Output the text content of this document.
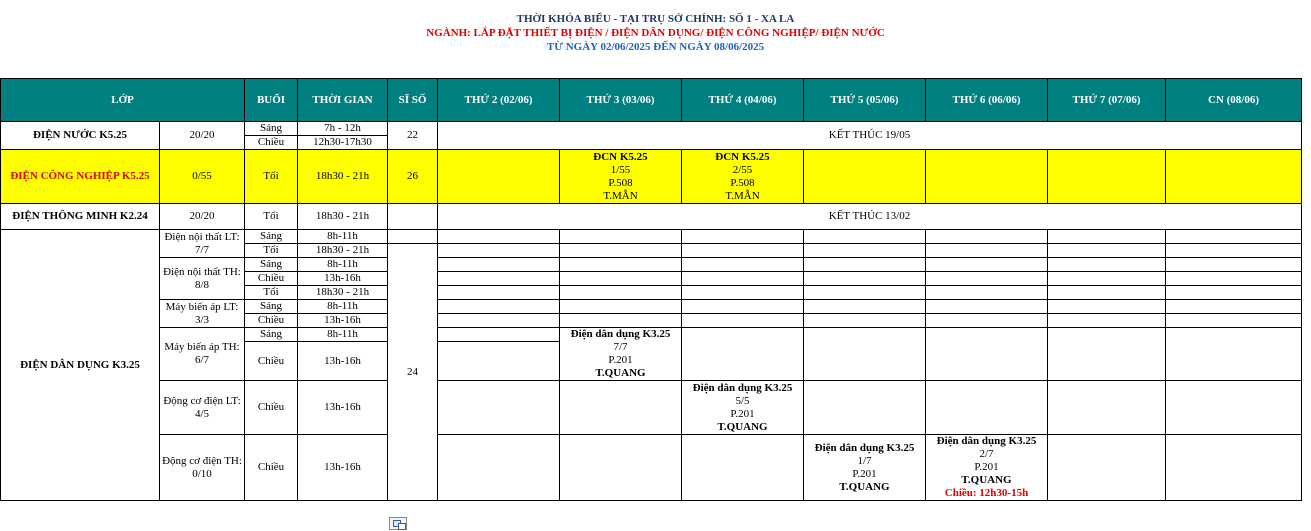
THỜI KHÓA BIỂU - TẠI TRỤ SỞ CHÍNH: SỐ 1 - XA LA
NGÀNH: LẮP ĐẶT THIẾT BỊ ĐIỆN / ĐIỆN DÂN DỤNG/ ĐIỆN CÔNG NGHIỆP/ ĐIỆN NƯỚC
TỪ NGÀY 02/06/2025 ĐẾN NGÀY 08/06/2025
LỚP		BUỔI	THỜI GIAN	SĨ SỐ	THỨ 2 (02/06)	THỨ 3 (03/06)	THỨ 4 (04/06)	THỨ 5 (05/06)	THỨ 6 (06/06)	THỨ 7 (07/06)	CN (08/06)
ĐIỆN NƯỚC K5.25	20/20	Sáng	7h - 12h	22	KẾT THÚC 19/05						
		Chiều	12h30-17h30								
ĐIỆN CÔNG NGHIỆP K5.25	0/55	Tối	18h30 - 21h	26		ĐCN K5.25
1/55
P.508
T.MẪN	ĐCN K5.25
2/55
P.508
T.MẪN				

ĐIỆN THÔNG MINH K2.24	20/20	Tối	18h30 - 21h		KẾT THÚC 13/02						
ĐIỆN DÂN DỤNG K3.25	Điện nội thất LT: 7/7	Sáng	8h-11h								
		Tối	18h30 - 21h	24							
	Điện nội thất TH: 8/8	Sáng	8h-11h								
		Chiều	13h-16h								
		Tối	18h30 - 21h								
	Máy biến áp LT: 3/3	Sáng	8h-11h								
		Chiều	13h-16h								
	Máy biến áp TH: 6/7	Sáng	8h-11h			Điện dân dụng K3.25
7/7
P.201
T.QUANG					

		Chiều	13h-16h								
	Động cơ điện LT: 4/5	Chiều	13h-16h				Điện dân dụng K3.25
5/5
P.201
T.QUANG				

	Động cơ điện TH: 0/10	Chiều	13h-16h					Điện dân dụng K3.25
1/7
P.201
T.QUANG	Điện dân dụng K3.25
2/7
P.201
T.QUANG
Chiều: 12h30-15h		
